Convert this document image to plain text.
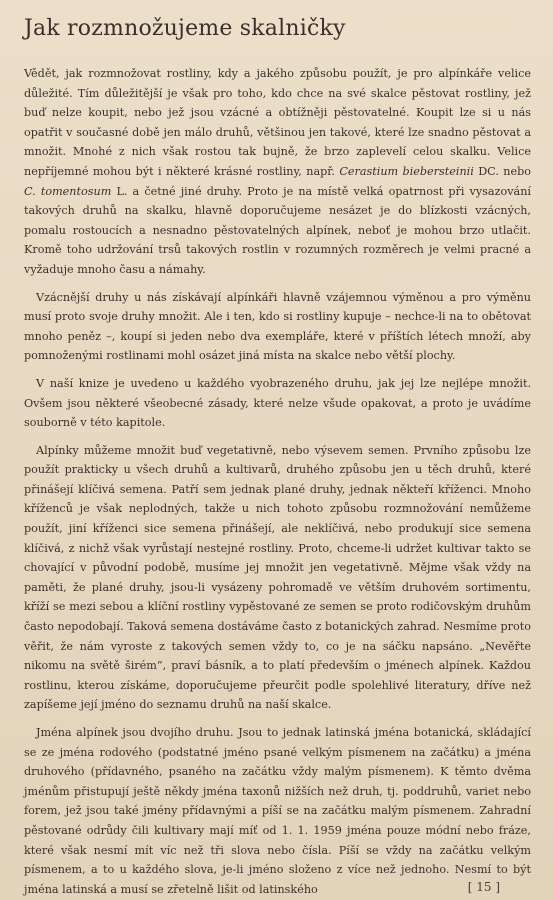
Jak rozmnožujeme skalničky

Vědět, jak rozmnožovat rostliny, kdy a jakého způsobu použít, je pro alpínkáře velice důležité. Tím důležitější je však pro toho, kdo chce na své skalce pěstovat rostliny, jež buď nelze koupit, nebo jež jsou vzácné a obtížněji pěstovatelné. Koupit lze si u nás opatřit v současné době jen málo druhů, většinou jen takové, které lze snadno pěstovat a množit. Mnohé z nich však rostou tak bujně, že brzo zaplevelí celou skalku. Velice nepříjemné mohou být i některé krásné rostliny, např. Cerastium biebersteinii DC. nebo C. tomentosum L. a četné jiné druhy. Proto je na místě velká opatrnost při vysazování takových druhů na skalku, hlavně doporučujeme nesázet je do blízkosti vzácných, pomalu rostoucích a nesnadno pěstovatelných alpínek, neboť je mohou brzo utlačit. Kromě toho udržování trsů takových rostlin v rozumných rozměrech je velmi pracné a vyžaduje mnoho času a námahy.

Vzácnější druhy u nás získávají alpínkáři hlavně vzájemnou výměnou a pro výměnu musí proto svoje druhy množit. Ale i ten, kdo si rostliny kupuje – nechce-li na to obětovat mnoho peněz –, koupí si jeden nebo dva exempláře, které v příštích létech množí, aby pomnoženými rostlinami mohl osázet jiná místa na skalce nebo větší plochy.

V naší knize je uvedeno u každého vyobrazeného druhu, jak jej lze nejlépe množit. Ovšem jsou některé všeobecné zásady, které nelze všude opakovat, a proto je uvádíme souborně v této kapitole.

Alpínky můžeme množit buď vegetativně, nebo výsevem semen. Prvního způsobu lze použít prakticky u všech druhů a kultivarů, druhého způsobu jen u těch druhů, které přinášejí klíčivá semena. Patří sem jednak plané druhy, jednak někteří kříženci. Mnoho kříženců je však neplodných, takže u nich tohoto způsobu rozmnožování nemůžeme použít, jiní kříženci sice semena přinášejí, ale neklíčivá, nebo produkují sice semena klíčivá, z nichž však vyrůstají nestejné rostliny. Proto, chceme-li udržet kultivar takto se chovající v původní podobě, musíme jej množit jen vegetativně. Mějme však vždy na paměti, že plané druhy, jsou-li vysázeny pohromadě ve větším druhovém sortimentu, kříží se mezi sebou a klíční rostliny vypěstované ze semen se proto rodičovským druhům často nepodobají. Taková semena dostáváme často z botanických zahrad. Nesmíme proto věřit, že nám vyroste z takových semen vždy to, co je na sáčku napsáno. „Nevěřte nikomu na světě širém“, praví básník, a to platí především o jménech alpínek. Každou rostlinu, kterou získáme, doporučujeme přeurčit podle spolehlivé literatury, dříve než zapíšeme její jméno do seznamu druhů na naší skalce.

Jména alpínek jsou dvojího druhu. Jsou to jednak latinská jména botanická, skládající se ze jména rodového (podstatné jméno psané velkým písmenem na začátku) a jména druhového (přídavného, psaného na začátku vždy malým písmenem). K těmto dvěma jménům přistupují ještě někdy jména taxonů nižších než druh, tj. poddruhů, variet nebo forem, jež jsou také jmény přídavnými a píší se na začátku malým písmenem. Zahradní pěstované odrůdy čili kultivary mají míť od 1. 1. 1959 jména pouze módní nebo fráze, které však nesmí mít víc než tři slova nebo čísla. Píší se vždy na začátku velkým písmenem, a to u každého slova, je-li jméno složeno z více než jednoho. Nesmí to být jména latinská a musí se zřetelně lišit od latinského	[ 15 ]
